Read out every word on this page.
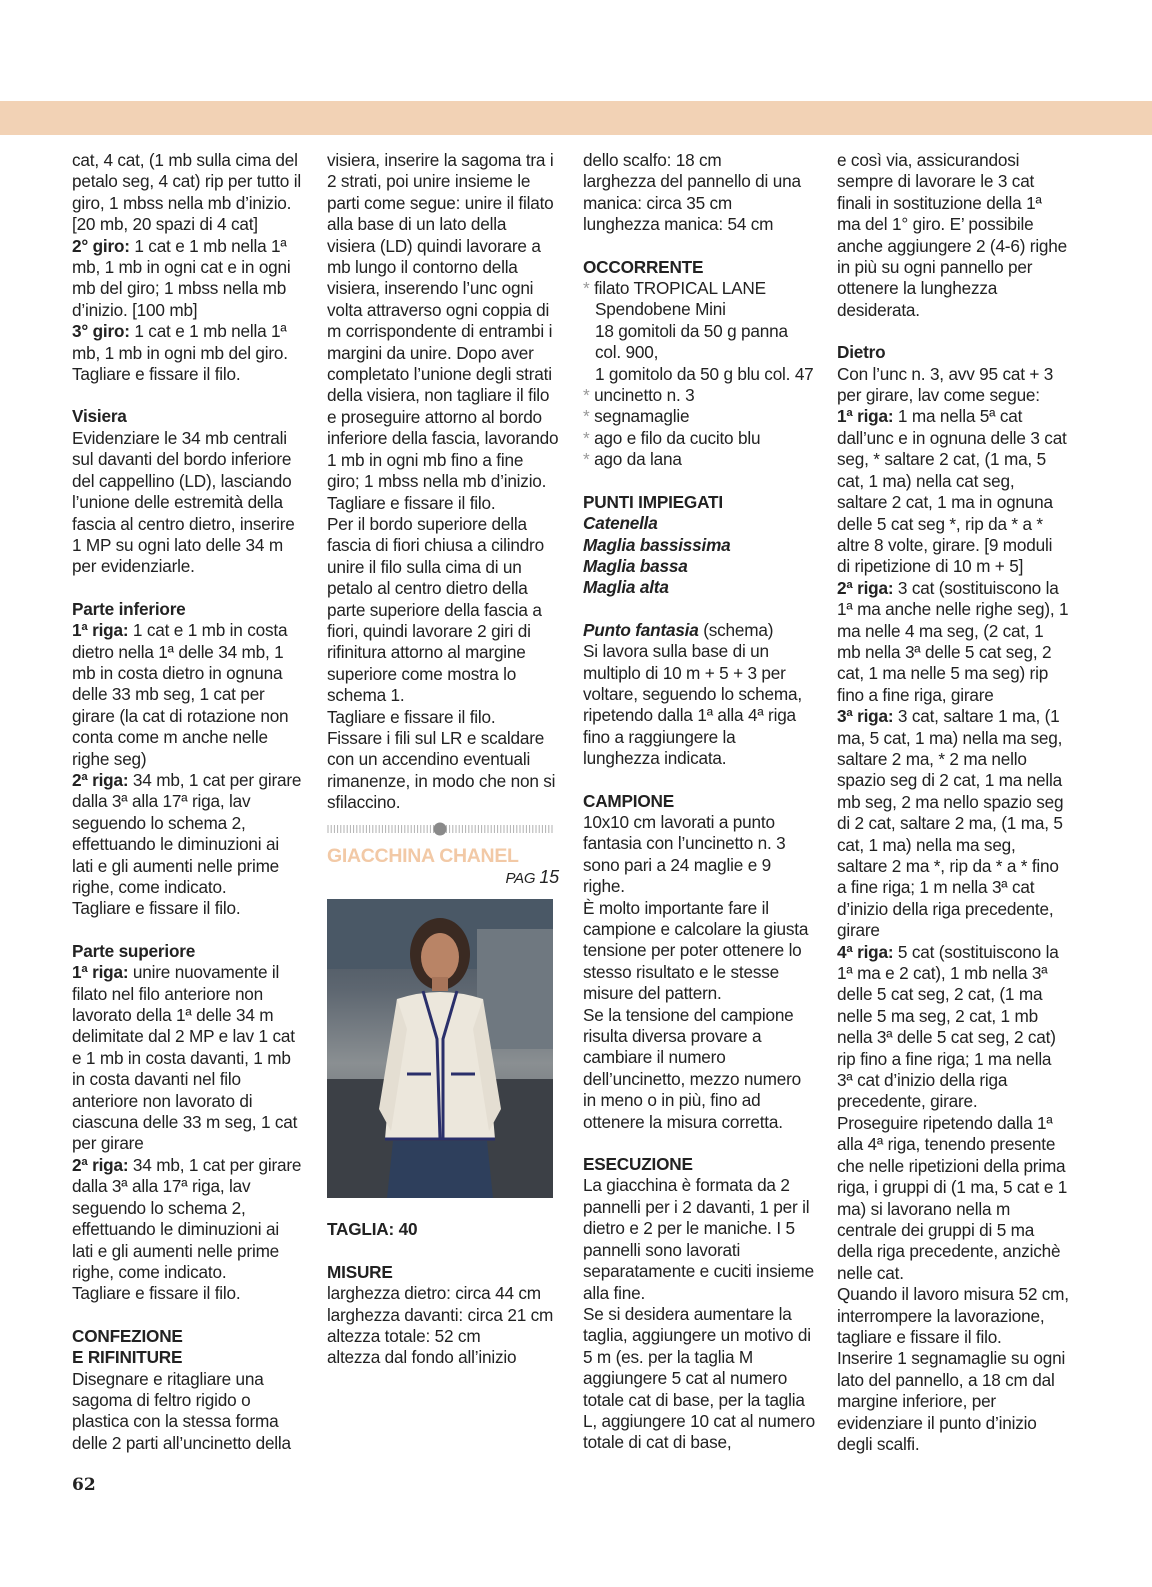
cat, 4 cat, (1 mb sulla cima del petalo seg, 4 cat) rip per tutto il giro, 1 mbss nella mb d’inizio. [20 mb, 20 spazi di 4 cat]

2° giro: 1 cat e 1 mb nella 1ª mb, 1 mb in ogni cat e in ogni mb del giro; 1 mbss nella mb d’inizio. [100 mb]

3° giro: 1 cat e 1 mb nella 1ª mb, 1 mb in ogni mb del giro.

Tagliare e fissare il filo.

Visiera

Evidenziare le 34 mb centrali sul davanti del bordo inferiore del cappellino (LD), lasciando l’unione delle estremità della fascia al centro dietro, inserire 1 MP su ogni lato delle 34 m per evidenziarle.

Parte inferiore

1ª riga: 1 cat e 1 mb in costa dietro nella 1ª delle 34 mb, 1 mb in costa dietro in ognuna delle 33 mb seg, 1 cat per girare (la cat di rotazione non conta come m anche nelle righe seg)

2ª riga: 34 mb, 1 cat per girare dalla 3ª alla 17ª riga, lav seguendo lo schema 2, effettuando le diminuzioni ai lati e gli aumenti nelle prime righe, come indicato.

Tagliare e fissare il filo.

Parte superiore

1ª riga: unire nuovamente il filato nel filo anteriore non lavorato della 1ª delle 34 m delimitate dal 2 MP e lav 1 cat e 1 mb in costa davanti, 1 mb in costa davanti nel filo anteriore non lavorato di ciascuna delle 33 m seg, 1 cat per girare

2ª riga: 34 mb, 1 cat per girare dalla 3ª alla 17ª riga, lav seguendo lo schema 2, effettuando le diminuzioni ai lati e gli aumenti nelle prime righe, come indicato.

Tagliare e fissare il filo.

CONFEZIONE

E RIFINITURE

Disegnare e ritagliare una sagoma di feltro rigido o plastica con la stessa forma delle 2 parti all’uncinetto della

visiera, inserire la sagoma tra i 2 strati, poi unire insieme le parti come segue: unire il filato alla base di un lato della visiera (LD) quindi lavorare a mb lungo il contorno della visiera, inserendo l’unc ogni volta attraverso ogni coppia di m corrispondente di entrambi i margini da unire. Dopo aver completato l’unione degli strati della visiera, non tagliare il filo e proseguire attorno al bordo inferiore della fascia, lavorando 1 mb in ogni mb fino a fine giro; 1 mbss nella mb d’inizio.

Tagliare e fissare il filo.

Per il bordo superiore della fascia di fiori chiusa a cilindro unire il filo sulla cima di un petalo al centro dietro della parte superiore della fascia a fiori, quindi lavorare 2 giri di rifinitura attorno al margine superiore come mostra lo schema 1.

Tagliare e fissare il filo.

Fissare i fili sul LR e scaldare con un accendino eventuali rimanenze, in modo che non si sfilaccino.

GIACCHINA CHANEL

PAG 15

TAGLIA: 40

MISURE

larghezza dietro: circa 44 cm

larghezza davanti: circa 21 cm

altezza totale: 52 cm

altezza dal fondo all’inizio

dello scalfo: 18 cm

larghezza del pannello di una manica: circa 35 cm

lunghezza manica: 54 cm

OCCORRENTE

* filato TROPICAL LANE

Spendobene Mini

18 gomitoli da 50 g panna col. 900,

1 gomitolo da 50 g blu col. 47

* uncinetto n. 3

* segnamaglie

* ago e filo da cucito blu

* ago da lana

PUNTI IMPIEGATI

Catenella

Maglia bassissima

Maglia bassa

Maglia alta

Punto fantasia (schema)

Si lavora sulla base di un multiplo di 10 m + 5 + 3 per voltare, seguendo lo schema, ripetendo dalla 1ª alla 4ª riga fino a raggiungere la lunghezza indicata.

CAMPIONE

10x10 cm lavorati a punto fantasia con l’uncinetto n. 3 sono pari a 24 maglie e 9 righe.

È molto importante fare il campione e calcolare la giusta tensione per poter ottenere lo stesso risultato e le stesse misure del pattern.

Se la tensione del campione risulta diversa provare a cambiare il numero dell’uncinetto, mezzo numero in meno o in più, fino ad ottenere la misura corretta.

ESECUZIONE

La giacchina è formata da 2 pannelli per i 2 davanti, 1 per il dietro e 2 per le maniche. I 5 pannelli sono lavorati separatamente e cuciti insieme alla fine.

Se si desidera aumentare la taglia, aggiungere un motivo di 5 m (es. per la taglia M aggiungere 5 cat al numero totale cat di base, per la taglia L, aggiungere 10 cat al numero totale di cat di base,

e così via, assicurandosi sempre di lavorare le 3 cat finali in sostituzione della 1ª ma del 1° giro. E’ possibile anche aggiungere 2 (4-6) righe in più su ogni pannello per ottenere la lunghezza desiderata.

Dietro

Con l’unc n. 3, avv 95 cat + 3 per girare, lav come segue:

1ª riga: 1 ma nella 5ª cat dall’unc e in ognuna delle 3 cat seg, * saltare 2 cat, (1 ma, 5 cat, 1 ma) nella cat seg, saltare 2 cat, 1 ma in ognuna delle 5 cat seg *, rip da * a * altre 8 volte, girare. [9 moduli di ripetizione di 10 m + 5]

2ª riga: 3 cat (sostituiscono la 1ª ma anche nelle righe seg), 1 ma nelle 4 ma seg, (2 cat, 1 mb nella 3ª delle 5 cat seg, 2 cat, 1 ma nelle 5 ma seg) rip fino a fine riga, girare

3ª riga: 3 cat, saltare 1 ma, (1 ma, 5 cat, 1 ma) nella ma seg, saltare 2 ma, * 2 ma nello spazio seg di 2 cat, 1 ma nella mb seg, 2 ma nello spazio seg di 2 cat, saltare 2 ma, (1 ma, 5 cat, 1 ma) nella ma seg, saltare 2 ma *, rip da * a * fino a fine riga; 1 m nella 3ª cat d’inizio della riga precedente, girare

4ª riga: 5 cat (sostituiscono la 1ª ma e 2 cat), 1 mb nella 3ª delle 5 cat seg, 2 cat, (1 ma nelle 5 ma seg, 2 cat, 1 mb nella 3ª delle 5 cat seg, 2 cat) rip fino a fine riga; 1 ma nella 3ª cat d’inizio della riga precedente, girare.

Proseguire ripetendo dalla 1ª alla 4ª riga, tenendo presente che nelle ripetizioni della prima riga, i gruppi di (1 ma, 5 cat e 1 ma) si lavorano nella m centrale dei gruppi di 5 ma della riga precedente, anzichè nelle cat.

Quando il lavoro misura 52 cm, interrompere la lavorazione, tagliare e fissare il filo.

Inserire 1 segnamaglie su ogni lato del pannello, a 18 cm dal margine inferiore, per evidenziare il punto d’inizio degli scalfi.

62
